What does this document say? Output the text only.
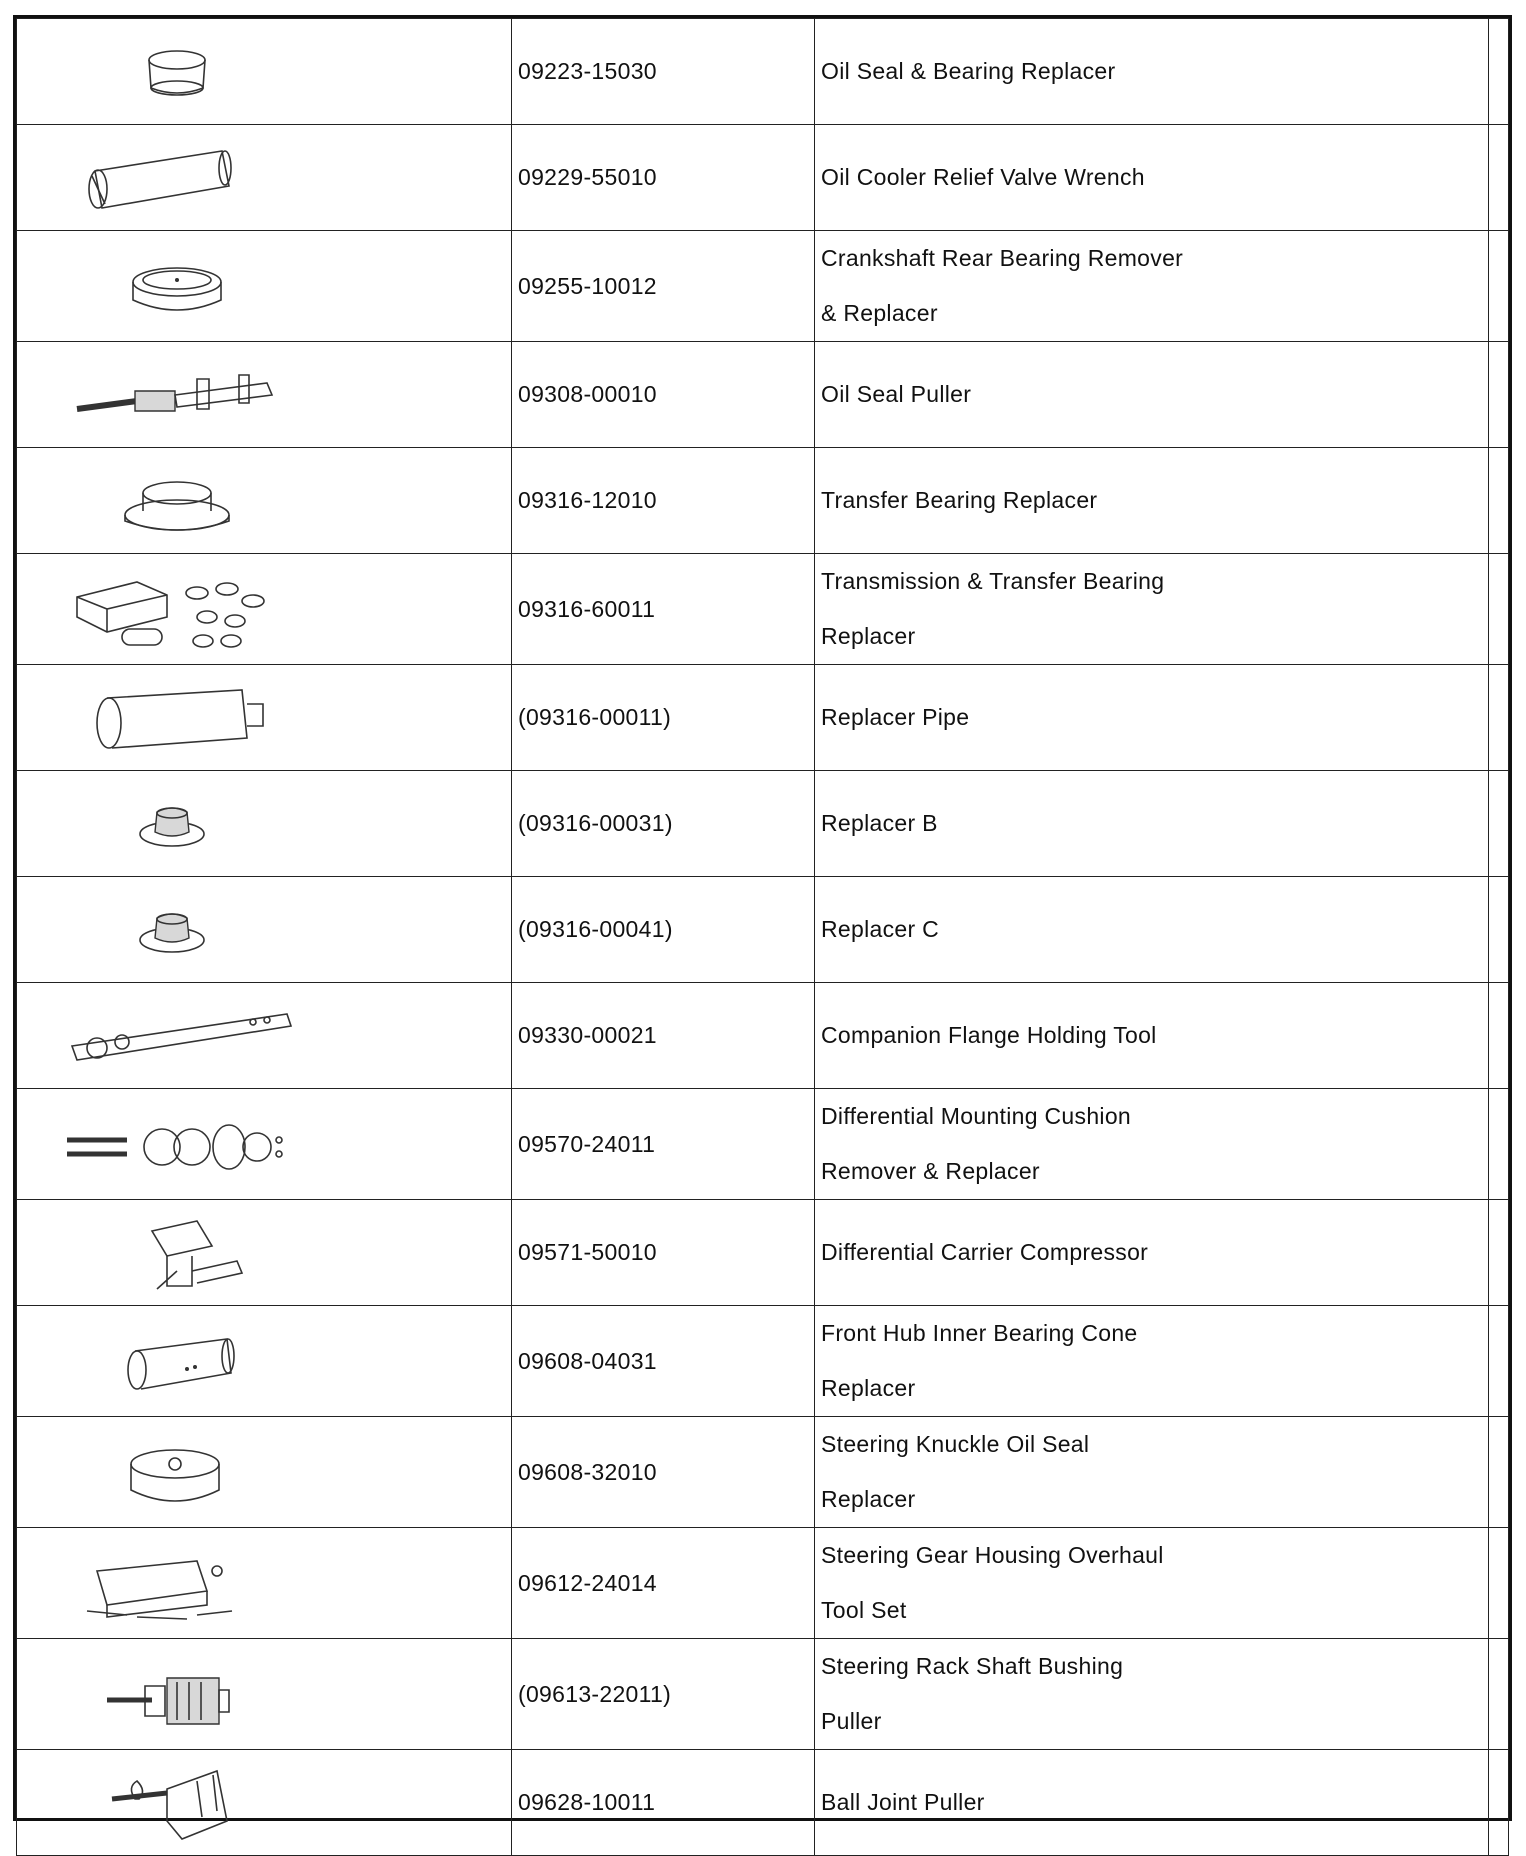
	09223-15030	Oil Seal & Bearing Replacer	

	09229-55010	Oil Cooler Relief Valve Wrench	

	09255-10012	Crankshaft Rear Bearing Remover
& Replacer	

	09308-00010	Oil Seal Puller	

	09316-12010	Transfer Bearing Replacer	

	09316-60011	Transmission & Transfer Bearing
Replacer	

	(09316-00011)	Replacer Pipe	

	(09316-00031)	Replacer B	

	(09316-00041)	Replacer C	

	09330-00021	Companion Flange Holding Tool	

	09570-24011	Differential Mounting Cushion
Remover & Replacer	

	09571-50010	Differential Carrier Compressor	

	09608-04031	Front Hub Inner Bearing Cone
Replacer	

	09608-32010	Steering Knuckle Oil Seal
Replacer	

	09612-24014	Steering Gear Housing Overhaul
Tool Set	

	(09613-22011)	Steering Rack Shaft Bushing
Puller	

	09628-10011	Ball Joint Puller	
